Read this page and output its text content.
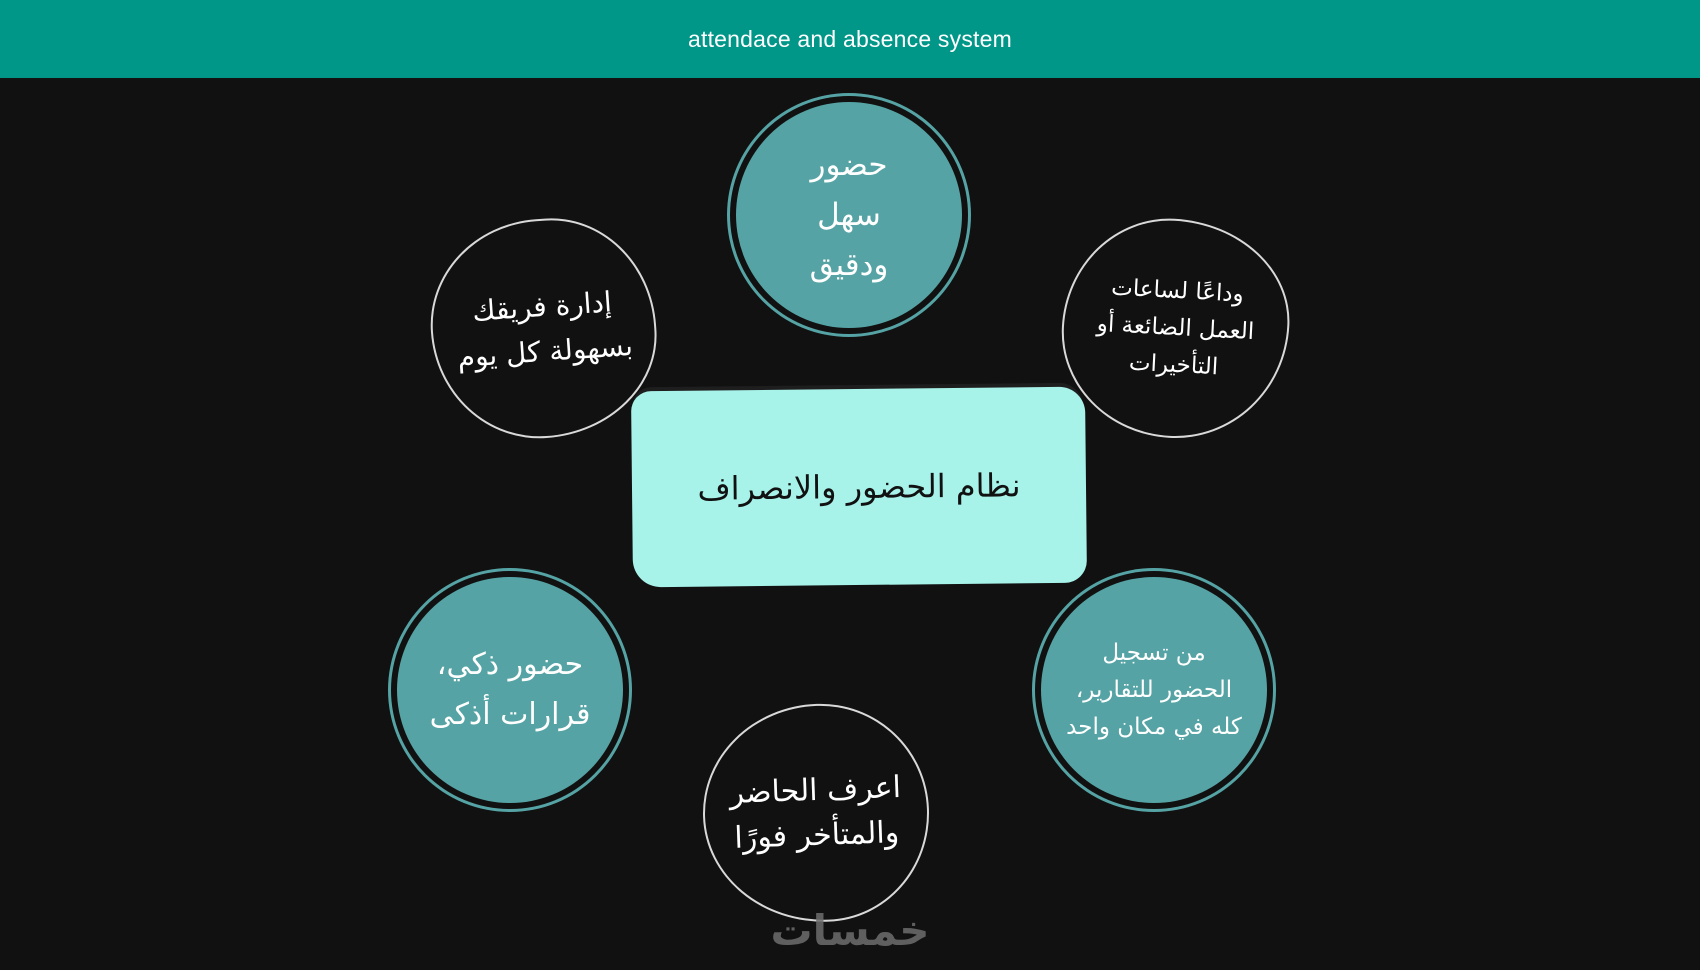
attendace and absence system
حضور
سهل
ودقيق
إدارة فريقك
بسهولة كل يوم
وداعًا لساعات
العمل الضائعة أو
التأخيرات
نظام الحضور والانصراف
حضور ذكي،
قرارات أذكى
من تسجيل
الحضور للتقارير،
كله في مكان واحد
اعرف الحاضر
والمتأخر فورًا
خمسات
